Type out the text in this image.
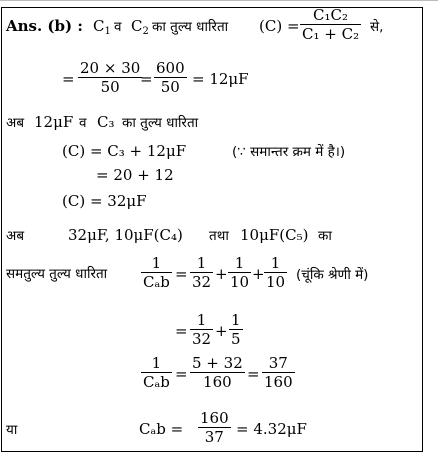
Ans. (b) : $C_1$ व $C_2$ का तुल्य धारिता $(C) = \frac{\text{C₁C₂}}{\text{C₁ + C₂}}$ से,
= $\frac{20 \times 30}{50}$
= $\frac{600}{50} = 12\mu F$
अब 12μF व C₃ का तुल्य धारिता
(C) = C₃ + 12μF	(∵ समान्तर क्रम में है।)
= 20 + 12
(C) = 32μF
अब	32μF, 10μF(C₄) तथा 10μF(C₅) का
समतुल्य तुल्य धारिता
1
$C_ab = \frac{1}{32} + \frac{1}{10} + \frac{1}{10}$ (चूंकि श्रेणी में)
= $\frac{1}{32} + \frac{1}{5}$
1
$C_ab = \frac{5 + 32}{160} = \frac{37}{160}$
या	$C_ab = \frac{160}{37} = 4.32\mu F$
